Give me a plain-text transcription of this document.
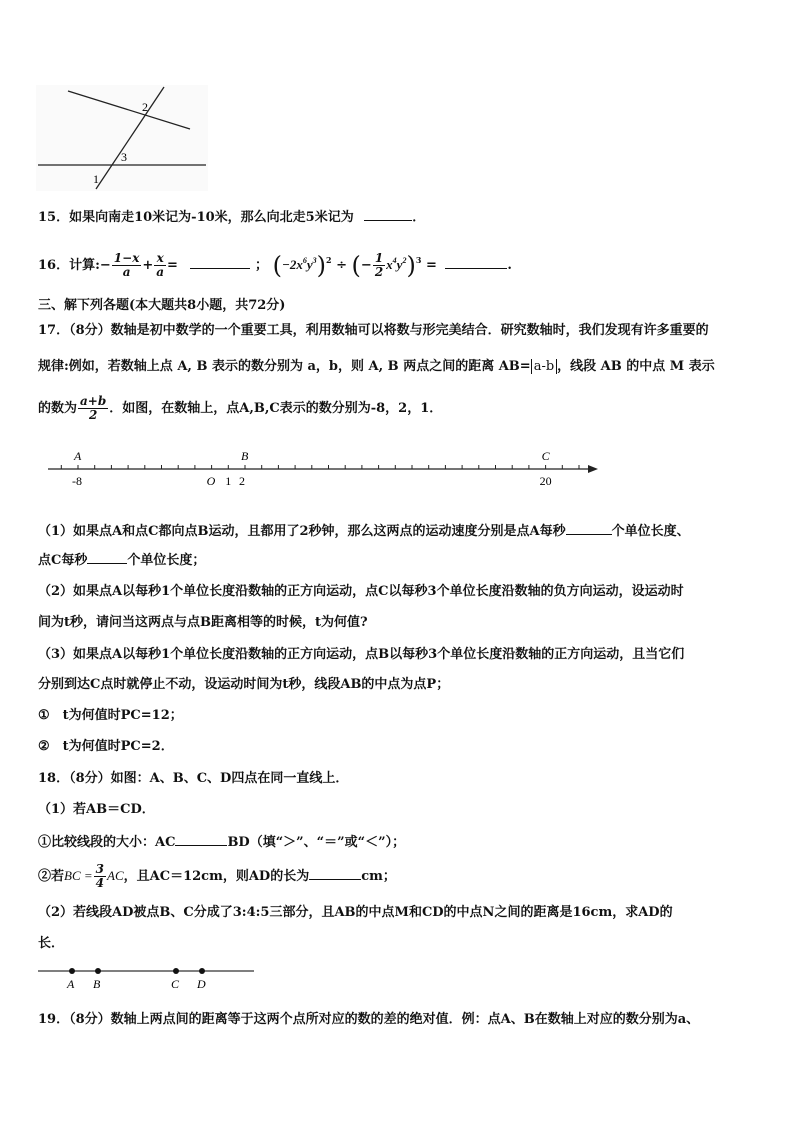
2
3
1
15．如果向南走10米记为-10米，那么向北走5米记为	．
16．计算:− $\frac{1-x}{a} + \frac{x}{a}$ =	； $(-2x^6y^3)^2$ ÷ (− $\frac{1}{2} x^4y^2)^3$ =	.
三、解下列各题(本大题共8小题，共72分)
17．（8分）数轴是初中数学的一个重要工具，利用数轴可以将数与形完美结合．研究数轴时，我们发现有许多重要的
规律:例如，若数轴上点 A, B 表示的数分别为 a，b，则 A, B 两点之间的距离 AB= a-b ，线段 AB 的中点 M 表示
的数为 $\frac{a+b}{2}$ ．如图，在数轴上，点A,B,C表示的数分别为-8，2，1．
A
-8
B
2
C
20
O 1
（1）如果点A和点C都向点B运动，且都用了2秒钟，那么这两点的运动速度分别是点A每秒	个单位长度、
点C每秒	个单位长度；
（2）如果点A以每秒1个单位长度沿数轴的正方向运动，点C以每秒3个单位长度沿数轴的负方向运动，设运动时
间为t秒，请问当这两点与点B距离相等的时候，t为何值?
（3）如果点A以每秒1个单位长度沿数轴的正方向运动，点B以每秒3个单位长度沿数轴的正方向运动，且当它们
分别到达C点时就停止不动，设运动时间为t秒，线段AB的中点为点P；
①　t为何值时PC=12；
②　t为何值时PC=2．
18．（8分）如图：A、B、C、D四点在同一直线上．
（1）若AB＝CD．
①比较线段的大小：AC	BD（填“＞”、“＝”或“＜”）；
②若BC = $\frac{3}{4}$ AC，且AC＝12cm，则AD的长为	cm；
（2）若线段AD被点B、C分成了3:4:5三部分，且AB的中点M和CD的中点N之间的距离是16cm，求AD的
长．
A B	C D
19．（8分）数轴上两点间的距离等于这两个点所对应的数的差的绝对值．例：点A、B在数轴上对应的数分别为a、
